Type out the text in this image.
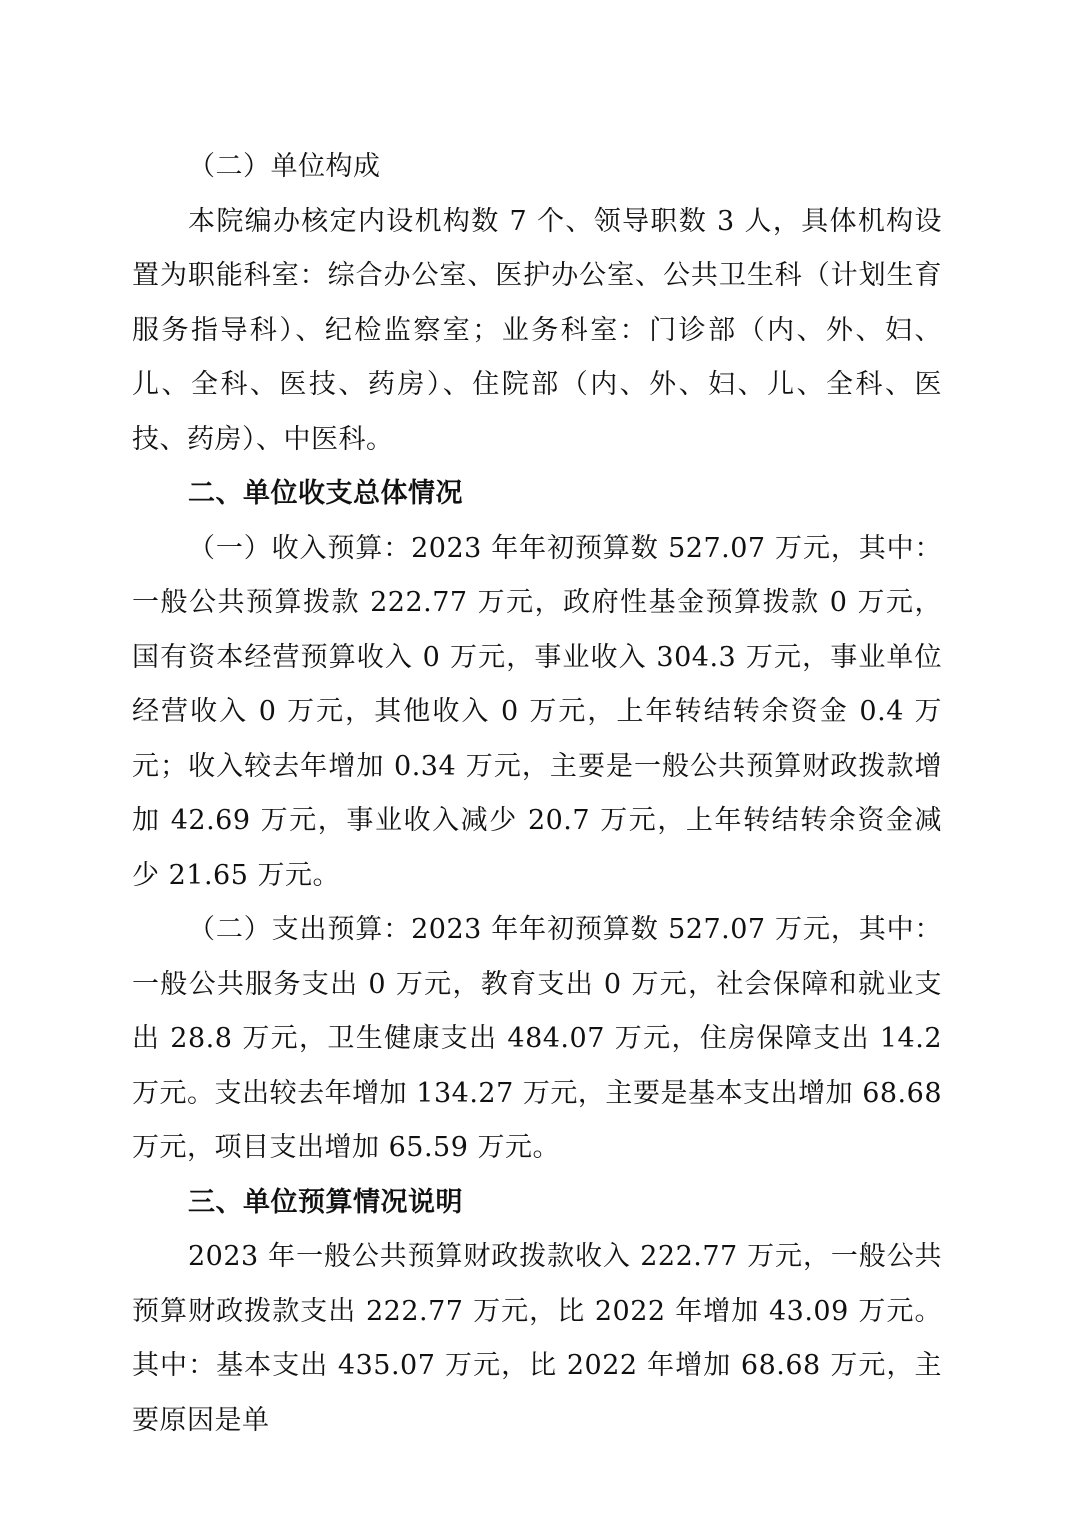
（二）单位构成

本院编办核定内设机构数 7 个、领导职数 3 人，具体机构设置为职能科室：综合办公室、医护办公室、公共卫生科（计划生育服务指导科）、纪检监察室；业务科室：门诊部（内、外、妇、儿、全科、医技、药房）、住院部（内、外、妇、儿、全科、医技、药房）、中医科。

二、单位收支总体情况

（一）收入预算：2023 年年初预算数 527.07 万元，其中：一般公共预算拨款 222.77 万元，政府性基金预算拨款 0 万元，国有资本经营预算收入 0 万元，事业收入 304.3 万元，事业单位经营收入 0 万元，其他收入 0 万元，上年转结转余资金 0.4 万元；收入较去年增加 0.34 万元，主要是一般公共预算财政拨款增加 42.69 万元，事业收入减少 20.7 万元，上年转结转余资金减少 21.65 万元。

（二）支出预算：2023 年年初预算数 527.07 万元，其中：一般公共服务支出 0 万元，教育支出 0 万元，社会保障和就业支出 28.8 万元，卫生健康支出 484.07 万元，住房保障支出 14.2 万元。支出较去年增加 134.27 万元，主要是基本支出增加 68.68 万元，项目支出增加 65.59 万元。

三、单位预算情况说明

2023 年一般公共预算财政拨款收入 222.77 万元，一般公共预算财政拨款支出 222.77 万元，比 2022 年增加 43.09 万元。其中：基本支出 435.07 万元，比 2022 年增加 68.68 万元，主要原因是单
